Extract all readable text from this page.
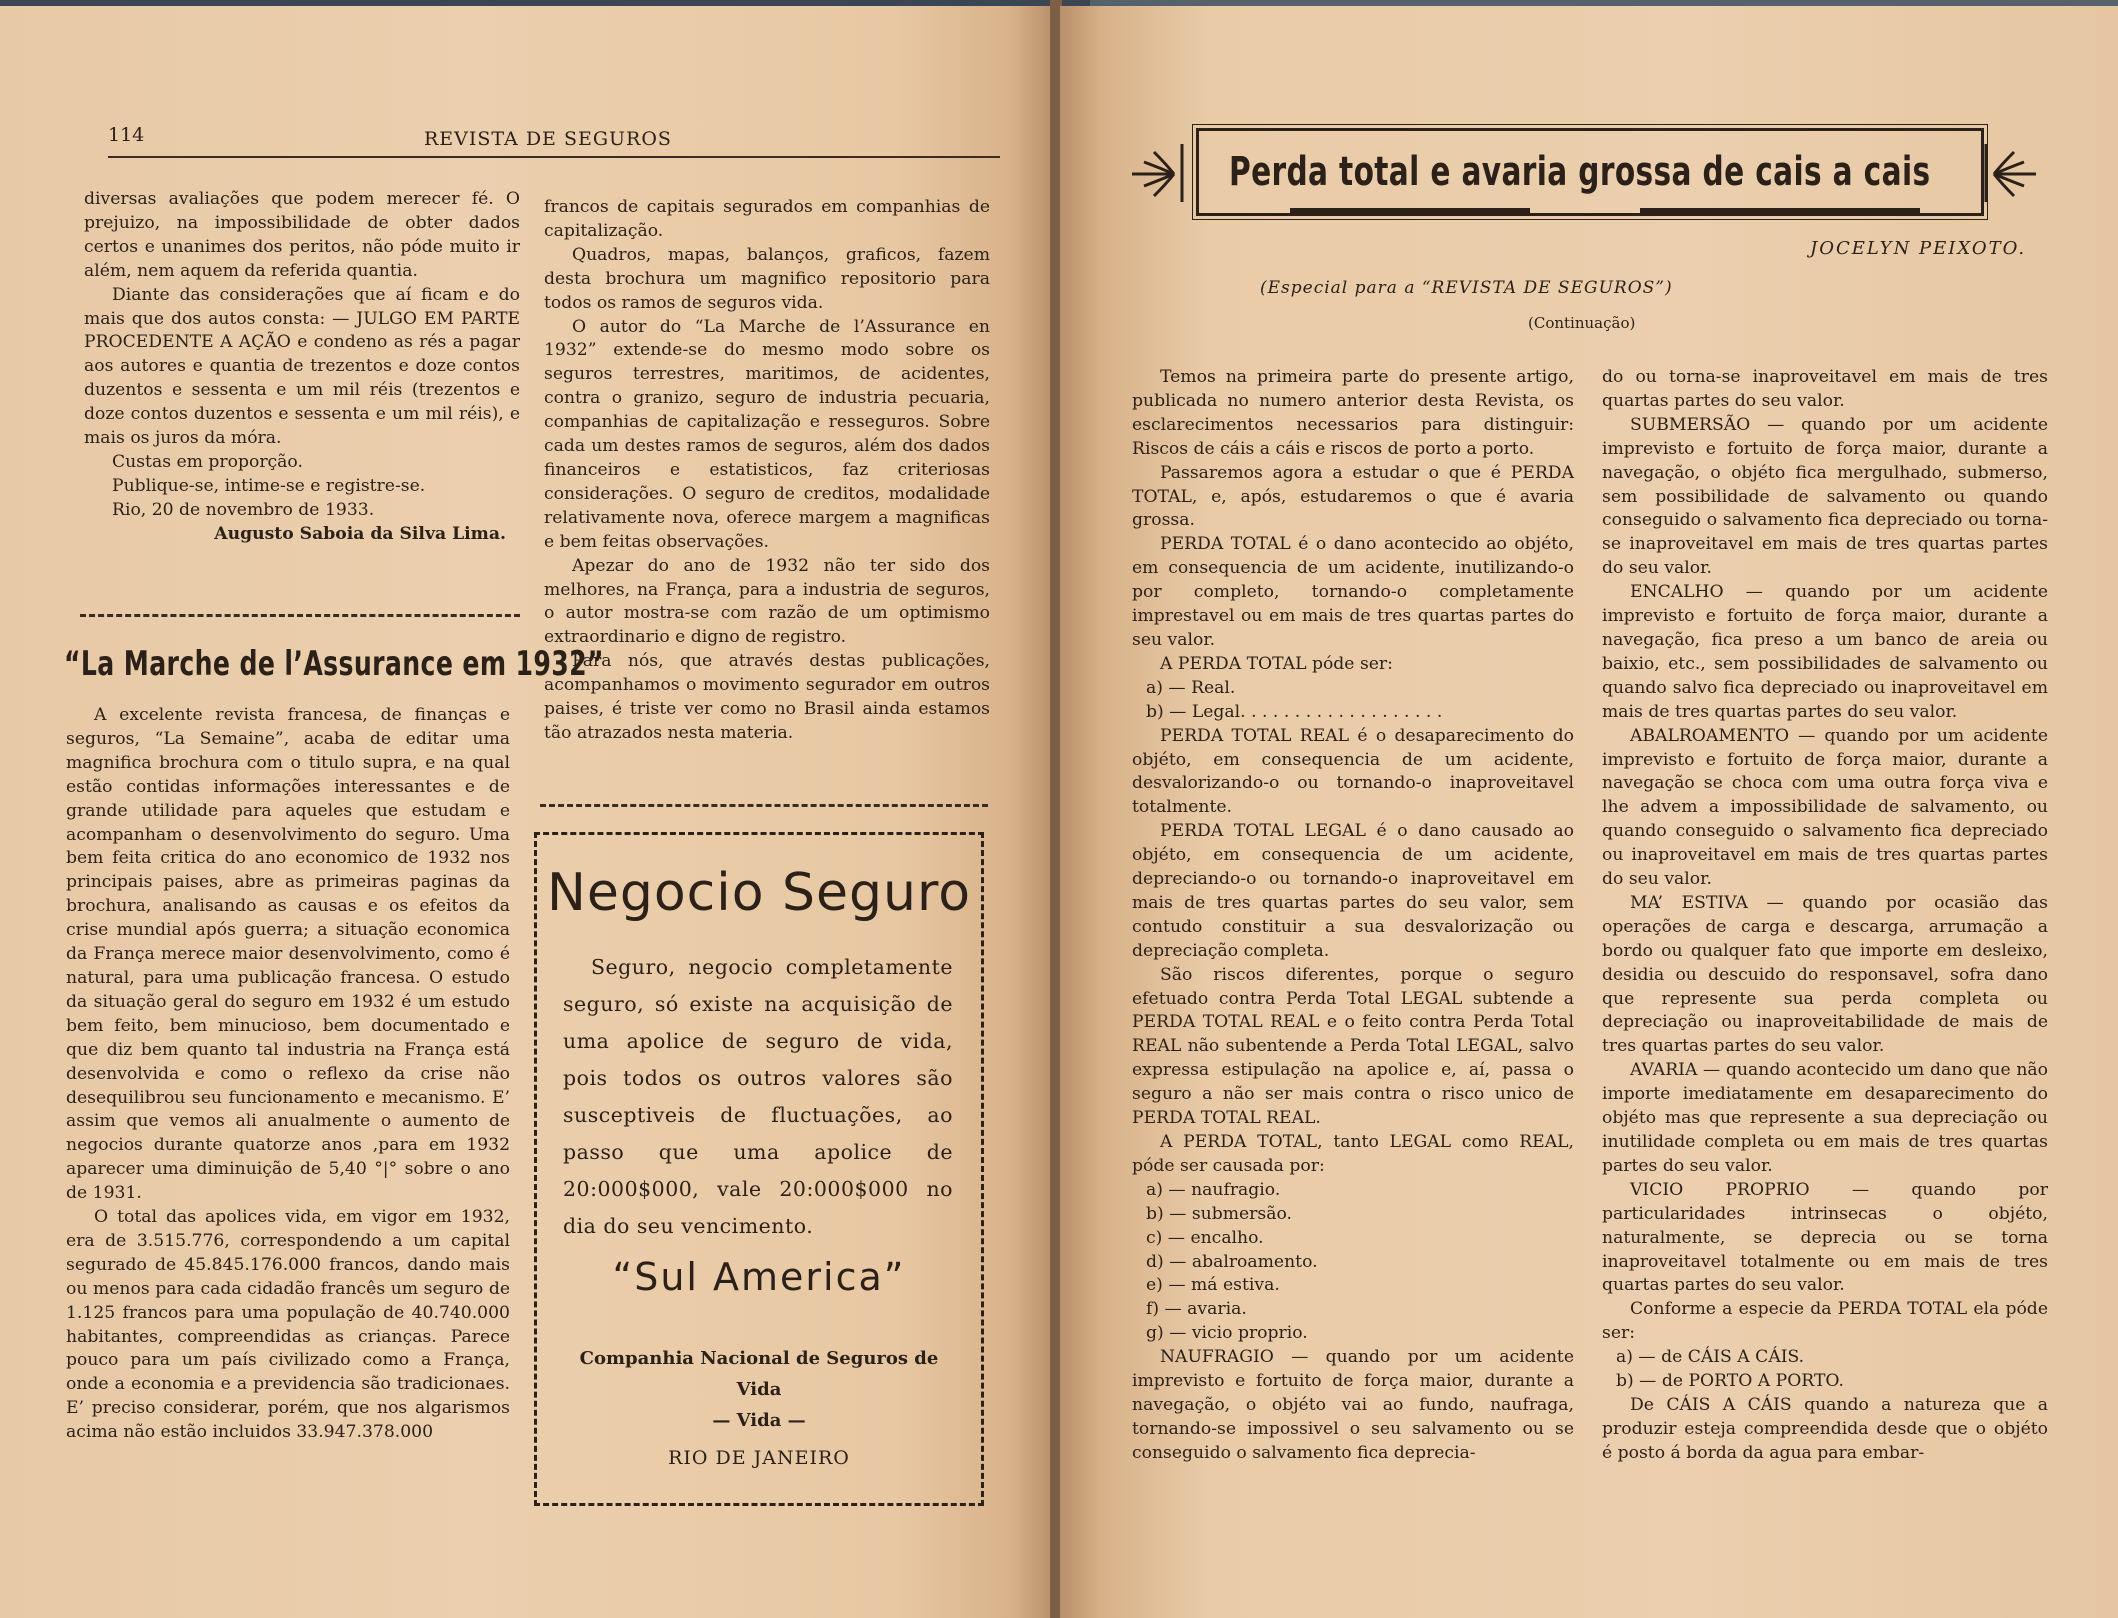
114	REVISTA DE SEGUROS

diversas avaliações que podem merecer fé. O prejuizo, na impossibilidade de obter dados certos e unanimes dos peritos, não póde muito ir além, nem aquem da referida quantia.

Diante das considerações que aí ficam e do mais que dos autos consta: — JULGO EM PARTE PROCEDENTE A AÇÃO e condeno as rés a pagar aos autores e quantia de trezentos e doze contos duzentos e sessenta e um mil réis (trezentos e doze contos duzentos e sessenta e um mil réis), e mais os juros da móra.

Custas em proporção.

Publique-se, intime-se e registre-se.

Rio, 20 de novembro de 1933.

Augusto Saboia da Silva Lima.

“La Marche de l’Assurance em 1932”

A excelente revista francesa, de finanças e seguros, “La Semaine”, acaba de editar uma magnifica brochura com o titulo supra, e na qual estão contidas informações interessantes e de grande utilidade para aqueles que estudam e acompanham o desenvolvimento do seguro. Uma bem feita critica do ano economico de 1932 nos principais paises, abre as primeiras paginas da brochura, analisando as causas e os efeitos da crise mundial após guerra; a situação economica da França merece maior desenvolvimento, como é natural, para uma publicação francesa. O estudo da situação geral do seguro em 1932 é um estudo bem feito, bem minucioso, bem documentado e que diz bem quanto tal industria na França está desenvolvida e como o reflexo da crise não desequilibrou seu funcionamento e mecanismo. E’ assim que vemos ali anualmente o aumento de negocios durante quatorze anos ,para em 1932 aparecer uma diminuição de 5,40 °|° sobre o ano de 1931.

O total das apolices vida, em vigor em 1932, era de 3.515.776, correspondendo a um capital segurado de 45.845.176.000 francos, dando mais ou menos para cada cidadão francês um seguro de 1.125 francos para uma população de 40.740.000 habitantes, compreendidas as crianças. Parece pouco para um país civilizado como a França, onde a economia e a previdencia são tradicionaes. E’ preciso considerar, porém, que nos algarismos acima não estão incluidos 33.947.378.000

francos de capitais segurados em companhias de capitalização.

Quadros, mapas, balanços, graficos, fazem desta brochura um magnifico repositorio para todos os ramos de seguros vida.

O autor do “La Marche de l’Assurance en 1932” extende-se do mesmo modo sobre os seguros terrestres, maritimos, de acidentes, contra o granizo, seguro de industria pecuaria, companhias de capitalização e resseguros. Sobre cada um destes ramos de seguros, além dos dados financeiros e estatisticos, faz criteriosas considerações. O seguro de creditos, modalidade relativamente nova, oferece margem a magnificas e bem feitas observações.

Apezar do ano de 1932 não ter sido dos melhores, na França, para a industria de seguros, o autor mostra-se com razão de um optimismo extraordinario e digno de registro.

Para nós, que através destas publicações, acompanhamos o movimento segurador em outros paises, é triste ver como no Brasil ainda estamos tão atrazados nesta materia.

Negocio Seguro

Seguro, negocio completamente seguro, só existe na acquisição de uma apolice de seguro de vida, pois todos os outros valores são susceptiveis de fluctuações, ao passo que uma apolice de 20:000$000, vale 20:000$000 no dia do seu vencimento.

“Sul America”
Companhia Nacional de Seguros de Vida
— Vida —
RIO DE JANEIRO
Perda total e avaria grossa de cais a cais
JOCELYN PEIXOTO.
(Especial para a “REVISTA DE SEGUROS”)
(Continuação)

Temos na primeira parte do presente artigo, publicada no numero anterior desta Revista, os esclarecimentos necessarios para distinguir: Riscos de cáis a cáis e riscos de porto a porto.

Passaremos agora a estudar o que é PERDA TOTAL, e, após, estudaremos o que é avaria grossa.

PERDA TOTAL é o dano acontecido ao objéto, em consequencia de um acidente, inutilizando-o por completo, tornando-o completamente imprestavel ou em mais de tres quartas partes do seu valor.

A PERDA TOTAL póde ser:

a) — Real.

b) — Legal. . . . . . . . . . . . . . . . . . .

PERDA TOTAL REAL é o desaparecimento do objéto, em consequencia de um acidente, desvalorizando-o ou tornando-o inaproveitavel totalmente.

PERDA TOTAL LEGAL é o dano causado ao objéto, em consequencia de um acidente, depreciando-o ou tornando-o inaproveitavel em mais de tres quartas partes do seu valor, sem contudo constituir a sua desvalorização ou depreciação completa.

São riscos diferentes, porque o seguro efetuado contra Perda Total LEGAL subtende a PERDA TOTAL REAL e o feito contra Perda Total REAL não subentende a Perda Total LEGAL, salvo expressa estipulação na apolice e, aí, passa o seguro a não ser mais contra o risco unico de PERDA TOTAL REAL.

A PERDA TOTAL, tanto LEGAL como REAL, póde ser causada por:

a) — naufragio.

b) — submersão.

c) — encalho.

d) — abalroamento.

e) — má estiva.

f) — avaria.

g) — vicio proprio.

NAUFRAGIO — quando por um acidente imprevisto e fortuito de força maior, durante a navegação, o objéto vai ao fundo, naufraga, tornando-se impossivel o seu salvamento ou se conseguido o salvamento fica deprecia-

do ou torna-se inaproveitavel em mais de tres quartas partes do seu valor.

SUBMERSÃO — quando por um acidente imprevisto e fortuito de força maior, durante a navegação, o objéto fica mergulhado, submerso, sem possibilidade de salvamento ou quando conseguido o salvamento fica depreciado ou torna-se inaproveitavel em mais de tres quartas partes do seu valor.

ENCALHO — quando por um acidente imprevisto e fortuito de força maior, durante a navegação, fica preso a um banco de areia ou baixio, etc., sem possibilidades de salvamento ou quando salvo fica depreciado ou inaproveitavel em mais de tres quartas partes do seu valor.

ABALROAMENTO — quando por um acidente imprevisto e fortuito de força maior, durante a navegação se choca com uma outra força viva e lhe advem a impossibilidade de salvamento, ou quando conseguido o salvamento fica depreciado ou inaproveitavel em mais de tres quartas partes do seu valor.

MA’ ESTIVA — quando por ocasião das operações de carga e descarga, arrumação a bordo ou qualquer fato que importe em desleixo, desidia ou descuido do responsavel, sofra dano que represente sua perda completa ou depreciação ou inaproveitabilidade de mais de tres quartas partes do seu valor.

AVARIA — quando acontecido um dano que não importe imediatamente em desaparecimento do objéto mas que represente a sua depreciação ou inutilidade completa ou em mais de tres quartas partes do seu valor.

VICIO PROPRIO — quando por particularidades intrinsecas o objéto, naturalmente, se deprecia ou se torna inaproveitavel totalmente ou em mais de tres quartas partes do seu valor.

Conforme a especie da PERDA TOTAL ela póde ser:

a) — de CÁIS A CÁIS.

b) — de PORTO A PORTO.

De CÁIS A CÁIS quando a natureza que a produzir esteja compreendida desde que o objéto é posto á borda da agua para embar-
